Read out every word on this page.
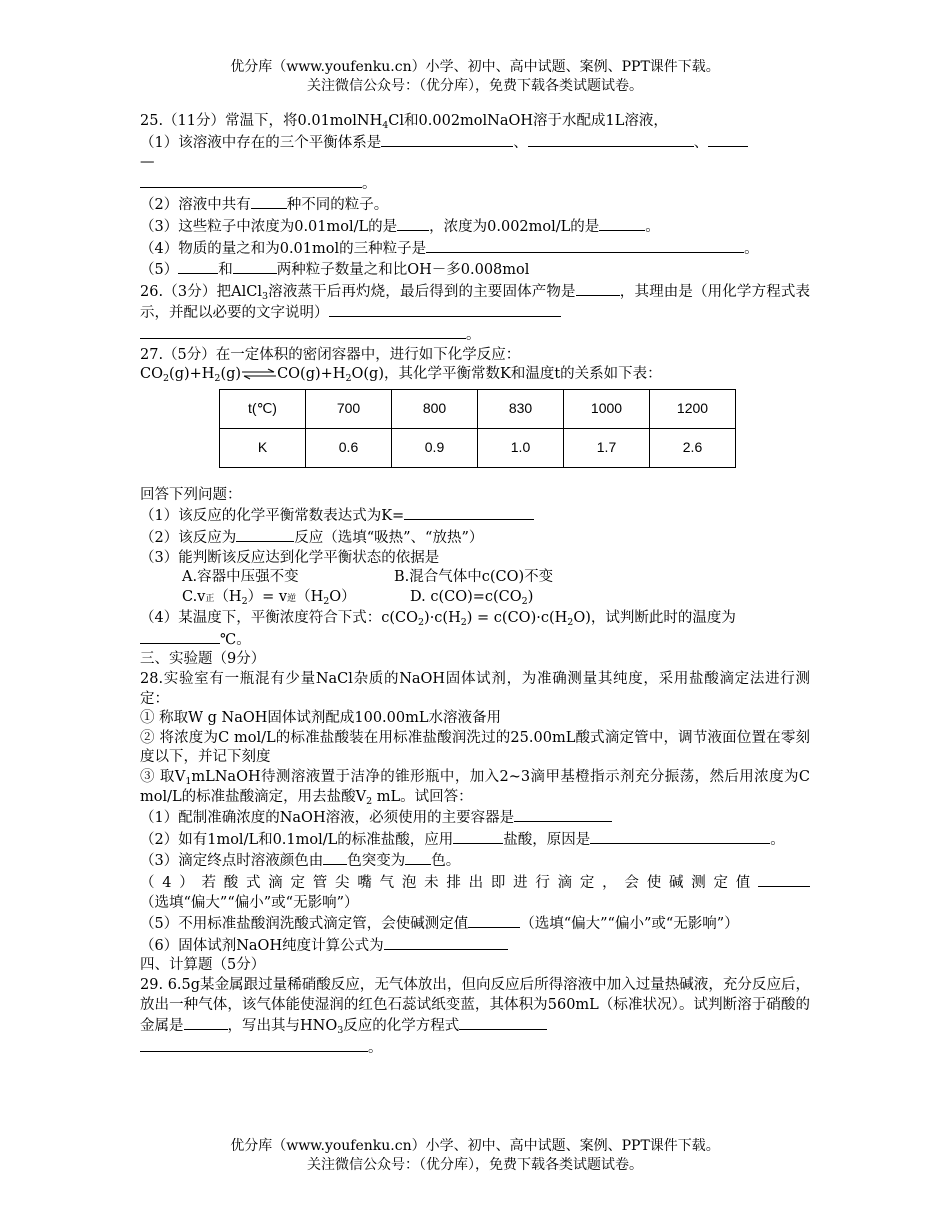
优分库（www.youfenku.cn）小学、初中、高中试题、案例、PPT课件下载。
关注微信公众号：（优分库），免费下载各类试题试卷。
25.（11分）常温下，将0.01molNH$_4$Cl和0.002molNaOH溶于水配成1L溶液，
（1）该溶液中存在的三个平衡体系是	、	、
—
。
（2）溶液中共有 种不同的粒子。
（3）这些粒子中浓度为0.01mol/L的是 ，浓度为0.002mol/L的是	。
（4）物质的量之和为0.01mol的三种粒子是	。
（5）	和	两种粒子数量之和比OH－多0.008mol
26.（3分）把AlCl$_3$溶液蒸干后再灼烧，最后得到的主要固体产物是	，其理由是（用化学方程式表示，并配以必要的文字说明）
。
27.（5分）在一定体积的密闭容器中，进行如下化学反应：
$CO_2(g)+H_2(g)\rightleftharpoons CO(g)+H_2O(g)$，其化学平衡常数K和温度t的关系如下表：
t(℃)	700	800	830	1000	1200
K	0.6	0.9	1.0	1.7	2.6
回答下列问题：
（1）该反应的化学平衡常数表达式为K=
（2）该反应为	反应（选填“吸热”、“放热”）
（3）能判断该反应达到化学平衡状态的依据是
A.容器中压强不变	B.混合气体中c(CO)不变
C.v正$(H_2)= v$逆$(H_2O)$	D. $c(CO)=c(CO_2)$
（4）某温度下，平衡浓度符合下式：$c(CO_2)\cdot c(H_2) = c(CO)\cdot c(H_2O)$，试判断此时的温度为
℃。
三、实验题（9分）
28.实验室有一瓶混有少量NaCl杂质的NaOH固体试剂，为准确测量其纯度，采用盐酸滴定法进行测定：
① 称取W g NaOH固体试剂配成100.00mL水溶液备用
② 将浓度为C mol/L的标准盐酸装在用标准盐酸润洗过的25.00mL酸式滴定管中，调节液面位置在零刻度以下，并记下刻度
③ 取$V_1mLNaOH$待测溶液置于洁净的锥形瓶中，加入2~3滴甲基橙指示剂充分振荡，然后用浓度为C mol/L的标准盐酸滴定，用去盐酸$V_2$ mL。试回答：
（1）配制准确浓度的NaOH溶液，必须使用的主要容器是
（2）如有1mol/L和0.1mol/L的标准盐酸，应用	盐酸，原因是	。
（3）滴定终点时溶液颜色由 色突变为 色。
（4）若酸式滴定管尖嘴气泡未排出即进行滴定，会使碱测定值（选填“偏大”“偏小”或“无影响”）
（5）不用标准盐酸润洗酸式滴定管，会使碱测定值	（选填“偏大”“偏小”或“无影响”）
（6）固体试剂NaOH纯度计算公式为
四、计算题（5分）
29. 6.5g某金属跟过量稀硝酸反应，无气体放出，但向反应后所得溶液中加入过量热碱液，充分反应后，放出一种气体，该气体能使湿润的红色石蕊试纸变蓝，其体积为560mL（标准状况）。试判断溶于硝酸的金属是	，写出其与$HNO_3$反应的化学方程式
。
优分库（www.youfenku.cn）小学、初中、高中试题、案例、PPT课件下载。
关注微信公众号：（优分库），免费下载各类试题试卷。
